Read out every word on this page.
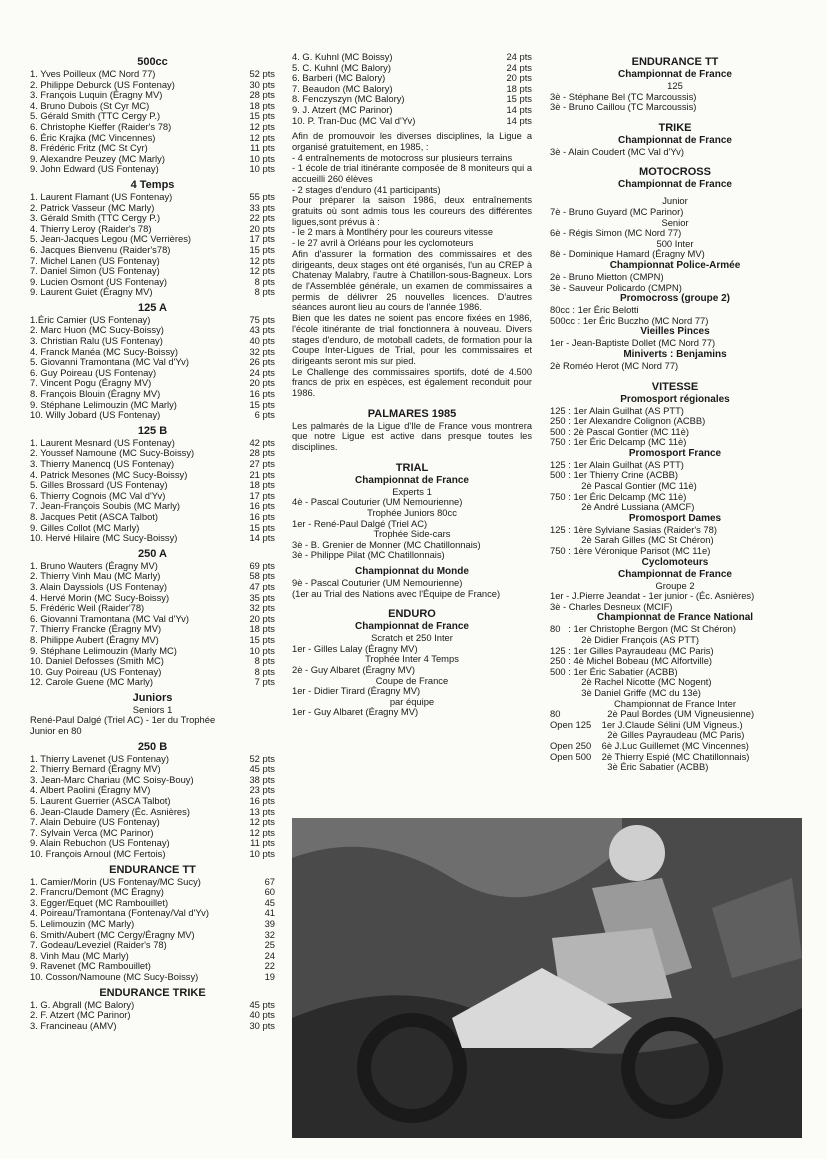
500cc
1. Yves Poilleux (MC Nord 77)	52 pts
2. Philippe Deburck (US Fontenay)	30 pts
3. François Luquin (Éragny MV)	28 pts
4. Bruno Dubois (St Cyr MC)	18 pts
5. Gérald Smith (TTC Cergy P.)	15 pts
6. Christophe Kieffer (Raider's 78)	12 pts
6. Éric Krajka (MC Vincennes)	12 pts
8. Frédéric Fritz (MC St Cyr)	11 pts
9. Alexandre Peuzey (MC Marly)	10 pts
9. John Edward (US Fontenay)	10 pts
4 Temps
1. Laurent Flamant (US Fontenay)	55 pts
2. Patrick Vasseur (MC Marly)	33 pts
3. Gérald Smith (TTC Cergy P.)	22 pts
4. Thierry Leroy (Raider's 78)	20 pts
5. Jean-Jacques Legou (MC Verrières)	17 pts
6. Jacques Bienvenu (Raider's78)	15 pts
7. Michel Lanen (US Fontenay)	12 pts
7. Daniel Simon (US Fontenay)	12 pts
9. Lucien Osmont (US Fontenay)	8 pts
9. Laurent Guiet (Éragny MV)	8 pts
125 A
1.Éric Camier (US Fontenay)	75 pts
2. Marc Huon (MC Sucy-Boissy)	43 pts
3. Christian Ralu (US Fontenay)	40 pts
4. Franck Manéa (MC Sucy-Boissy)	32 pts
5. Giovanni Tramontana (MC Val d'Yv)	26 pts
6. Guy Poireau (US Fontenay)	24 pts
7. Vincent Pogu (Éragny MV)	20 pts
8. François Blouin (Éragny MV)	16 pts
9. Stéphane Lelimouzin (MC Marly)	15 pts
10. Willy Jobard (US Fontenay)	6 pts
125 B
1. Laurent Mesnard (US Fontenay)	42 pts
2. Youssef Namoune (MC Sucy-Boissy)	28 pts
3. Thierry Manencq (US Fontenay)	27 pts
4. Patrick Mesones (MC Sucy-Boissy)	21 pts
5. Gilles Brossard (US Fontenay)	18 pts
6. Thierry Cognois (MC Val d'Yv)	17 pts
7. Jean-François Soubis (MC Marly)	16 pts
8. Jacques Petit (ASCA Talbot)	16 pts
9. Gilles Collot (MC Marly)	15 pts
10. Hervé Hilaire (MC Sucy-Boissy)	14 pts
250 A
1. Bruno Wauters (Éragny MV)	69 pts
2. Thierry Vinh Mau (MC Marly)	58 pts
3. Alain Dayssiols (US Fontenay)	47 pts
4. Hervé Morin (MC Sucy-Boissy)	35 pts
5. Frédéric Weil (Raider'78)	32 pts
6. Giovanni Tramontana (MC Val d'Yv)	20 pts
7. Thierry Francke (Éragny MV)	18 pts
8. Philippe Aubert (Éragny MV)	15 pts
9. Stéphane Lelimouzin (Marly MC)	10 pts
10. Daniel Defosses (Smith MC)	8 pts
10. Guy Poireau (US Fontenay)	8 pts
12. Carole Guene (MC Marly)	7 pts
Juniors
Seniors 1
René-Paul Dalgé (Triel AC) - 1er du Trophée
Junior en 80
250 B
1. Thierry Lavenet (US Fontenay)	52 pts
2. Thierry Bernard (Éragny MV)	45 pts
3. Jean-Marc Chariau (MC Soisy-Bouy)	38 pts
4. Albert Paolini (Éragny MV)	23 pts
5. Laurent Guerrier (ASCA Talbot)	16 pts
6. Jean-Claude Damery (Éc. Asnières)	13 pts
7. Alain Debuire (US Fontenay)	12 pts
7. Sylvain Verca (MC Parinor)	12 pts
9. Alain Rebuchon (US Fontenay)	11 pts
10. François Arnoul (MC Fertois)	10 pts
ENDURANCE TT
1. Camier/Morin (US Fontenay/MC Sucy)	67
2. Francru/Demont (MC Éragny)	60
3. Egger/Equet (MC Rambouillet)	45
4. Poireau/Tramontana (Fontenay/Val d'Yv)	41
5. Lelimouzin (MC Marly)	39
6. Smith/Aubert (MC Cergy/Éragny MV)	32
7. Godeau/Leveziel (Raider's 78)	25
8. Vinh Mau (MC Marly)	24
9. Ravenet (MC Rambouillet)	22
10. Cosson/Namoune (MC Sucy-Boissy)	19
ENDURANCE TRIKE
1. G. Abgrall (MC Balory)	45 pts
2. F. Atzert (MC Parinor)	40 pts
3. Francineau (AMV)	30 pts
4. G. Kuhnl (MC Boissy)	24 pts
5. C. Kuhnl (MC Balory)	24 pts
6. Barberi (MC Balory)	20 pts
7. Beaudon (MC Balory)	18 pts
8. Fenczyszyn (MC Balory)	15 pts
9. J. Atzert (MC Parinor)	14 pts
10. P. Tran-Duc (MC Val d'Yv)	14 pts
Afin de promouvoir les diverses disciplines, la Ligue a organisé gratuitement, en 1985, :
- 4 entraînements de motocross sur plusieurs terrains
- 1 école de trial itinérante composée de 8 moniteurs qui a accueilli 260 élèves
- 2 stages d'enduro (41 participants)
Pour préparer la saison 1986, deux entraînements gratuits où sont admis tous les coureurs des différentes ligues,sont prévus à :
- le 2 mars à Montlhéry pour les coureurs vitesse
- le 27 avril à Orléans pour les cyclomoteurs
Afin d'assurer la formation des commissaires et des dirigeants, deux stages ont été organisés, l'un au CREP à Chatenay Malabry, l'autre à Chatillon-sous-Bagneux. Lors de l'Assemblée générale, un examen de commissaires a permis de délivrer 25 nouvelles licences. D'autres séances auront lieu au cours de l'année 1986.
Bien que les dates ne soient pas encore fixées en 1986, l'école itinérante de trial fonctionnera à nouveau. Divers stages d'enduro, de motoball cadets, de formation pour la Coupe Inter-Ligues de Trial, pour les commissaires et dirigeants seront mis sur pied.
Le Challenge des commissaires sportifs, doté de 4.500 francs de prix en espèces, est également reconduit pour 1986.
PALMARES 1985
Les palmarès de la Ligue d'Ile de France vous montrera que notre Ligue est active dans presque toutes les disciplines.
TRIAL
Championnat de France
Experts 1
4è - Pascal Couturier (UM Nemourienne)
Trophée Juniors 80cc
1er - René-Paul Dalgé (Triel AC)
Trophée Side-cars
3è - B. Grenier de Monner (MC Chatillonnais)
3è - Philippe Pilat (MC Chatillonnais)
Championnat du Monde
9è - Pascal Couturier (UM Nemourienne)
(1er au Trial des Nations avec l'Équipe de France)
ENDURO
Championnat de France
Scratch et 250 Inter
1er - Gilles Lalay (Éragny MV)
Trophée Inter 4 Temps
2è - Guy Albaret (Éragny MV)
Coupe de France
1er - Didier Tirard (Éragny MV)
par équipe
1er - Guy Albaret (Éragny MV)
ENDURANCE TT
Championnat de France
125
3è - Stéphane Bel (TC Marcoussis)
3è - Bruno Caillou (TC Marcoussis)
TRIKE
Championnat de France
3è - Alain Coudert (MC Val d'Yv)
MOTOCROSS
Championnat de France
Junior
7è - Bruno Guyard (MC Parinor)
Senior
6è - Régis Simon (MC Nord 77)
500 Inter
8è - Dominique Hamard (Éragny MV)
Championnat Police-Armée
2è - Bruno Mietton (CMPN)
3è - Sauveur Policardo (CMPN)
Promocross (groupe 2)
80cc : 1er Éric Belotti
500cc : 1er Éric Buczho (MC Nord 77)
Vieilles Pinces
1er - Jean-Baptiste Dollet (MC Nord 77)
Miniverts : Benjamins
2è Roméo Herot (MC Nord 77)
VITESSE
Promosport régionales
125 : 1er Alain Guilhat (AS PTT)
250 : 1er Alexandre Colignon (ACBB)
500 : 2è Pascal Gontier (MC 11è)
750 : 1er Éric Delcamp (MC 11è)
Promosport France
125 : 1er Alain Guilhat (AS PTT)
500 : 1er Thierry Crine (ACBB)
2è Pascal Gontier (MC 11è)
750 : 1er Éric Delcamp (MC 11è)
2è André Lussiana (AMCF)
Promosport Dames
125 : 1ère Sylviane Sasias (Raider's 78)
2è Sarah Gilles (MC St Chéron)
750 : 1ère Véronique Parisot (MC 11e)
Cyclomoteurs
Championnat de France
Groupe 2
1er - J.Pierre Jeandat - 1er junior - (Éc. Asnières)
3è - Charles Desneux (MCIF)
Championnat de France National
80   : 1er Christophe Bergon (MC St Chéron)
2è Didier François (AS PTT)
125 : 1er Gilles Payraudeau (MC Paris)
250 : 4è Michel Bobeau (MC Alfortville)
500 : 1er Éric Sabatier (ACBB)
2è Rachel Nicotte (MC Nogent)
3è Daniel Griffe (MC du 13è)
Championnat de France Inter
80                  2è Paul Bordes (UM Vigneusienne)
Open 125    1er J.Claude Sélini (UM Vigneus.)
2è Gilles Payraudeau (MC Paris)
Open 250    6è J.Luc Guillemet (MC Vincennes)
Open 500    2è Thierry Espié (MC Chatillonnais)
3è Éric Sabatier (ACBB)
36
